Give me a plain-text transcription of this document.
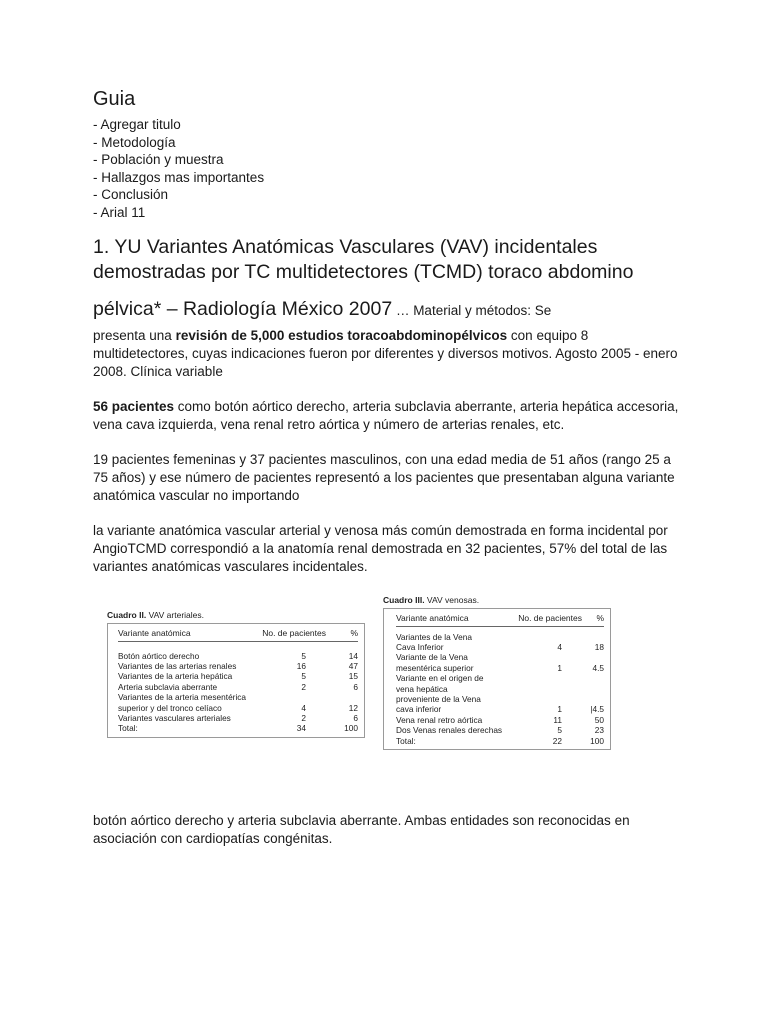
Guia
- Agregar titulo
- Metodología
- Población y muestra
- Hallazgos mas importantes
- Conclusión
- Arial 11
1. YU Variantes Anatómicas Vasculares (VAV) incidentales
demostradas por TC multidetectores (TCMD) toraco abdomino
pélvica* – Radiología México 2007 … Material y métodos: Se
presenta una revisión de 5,000 estudios toracoabdominopélvicos con equipo 8 multidetectores, cuyas indicaciones fueron por diferentes y diversos motivos. Agosto 2005 - enero 2008. Clínica variable
56 pacientes como botón aórtico derecho, arteria subclavia aberrante, arteria hepática accesoria, vena cava izquierda, vena renal retro aórtica y número de arterias renales, etc.
19 pacientes femeninas y 37 pacientes masculinos, con una edad media de 51 años (rango 25 a 75 años) y ese número de pacientes representó a los pacientes que presentaban alguna variante anatómica vascular no importando
la variante anatómica vascular arterial y venosa más común demostrada en forma incidental por AngioTCMD correspondió a la anatomía renal demostrada en 32 pacientes, 57% del total de las variantes anatómicas vasculares incidentales.
Cuadro II. VAV arteriales.
Variante anatómica	No. de pacientes	%
Botón aórtico derecho	5	14
Variantes de las arterias renales	16	47
Variantes de la arteria hepática	5	15
Arteria subclavia aberrante	2	6
Variantes de la arteria mesentérica
superior y del tronco celíaco	4	12
Variantes vasculares arteriales	2	6
Total:	34	100
Cuadro III. VAV venosas.
Variante anatómica	No. de pacientes	%
Variantes de la Vena
Cava Inferior	4	18
Variante de la Vena
mesentérica superior	1	4.5
Variante en el origen de
vena hepática
proveniente de la Vena
cava inferior	1	|4.5
Vena renal retro aórtica	11	50
Dos Venas renales derechas	5	23
Total:	22	100
botón aórtico derecho y arteria subclavia aberrante. Ambas entidades son reconocidas en asociación con cardiopatías congénitas.
